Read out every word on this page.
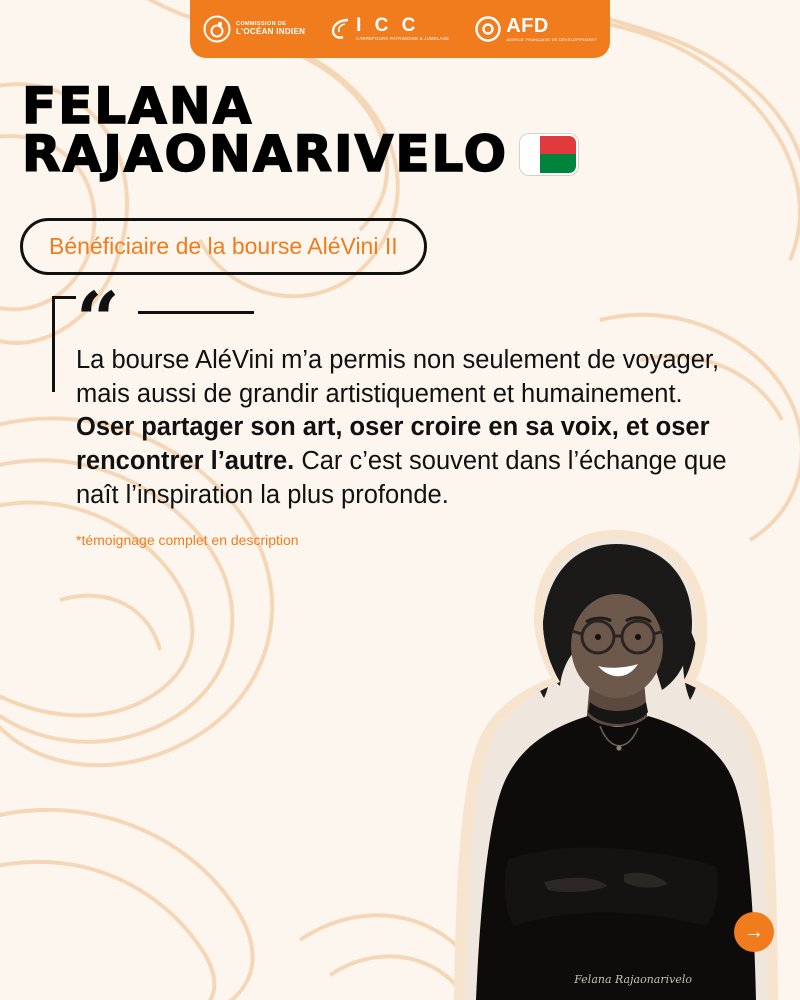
COMMISSION DE
L'OCÉAN INDIEN	I C C
CARREFOURS PATRIMOINE & JUMELAGE
AFD
AGENCE FRANÇAISE DE DÉVELOPPEMENT
FELANA
RAJAONARIVELO
Bénéficiaire de la bourse AléVini II
“
La bourse AléVini m’a permis non seulement de voyager, mais aussi de grandir artistiquement et humainement. Oser partager son art, oser croire en sa voix, et oser rencontrer l’autre. Car c’est souvent dans l’échange que naît l’inspiration la plus profonde.
*témoignage complet en description
Felana Rajaonarivelo
→
